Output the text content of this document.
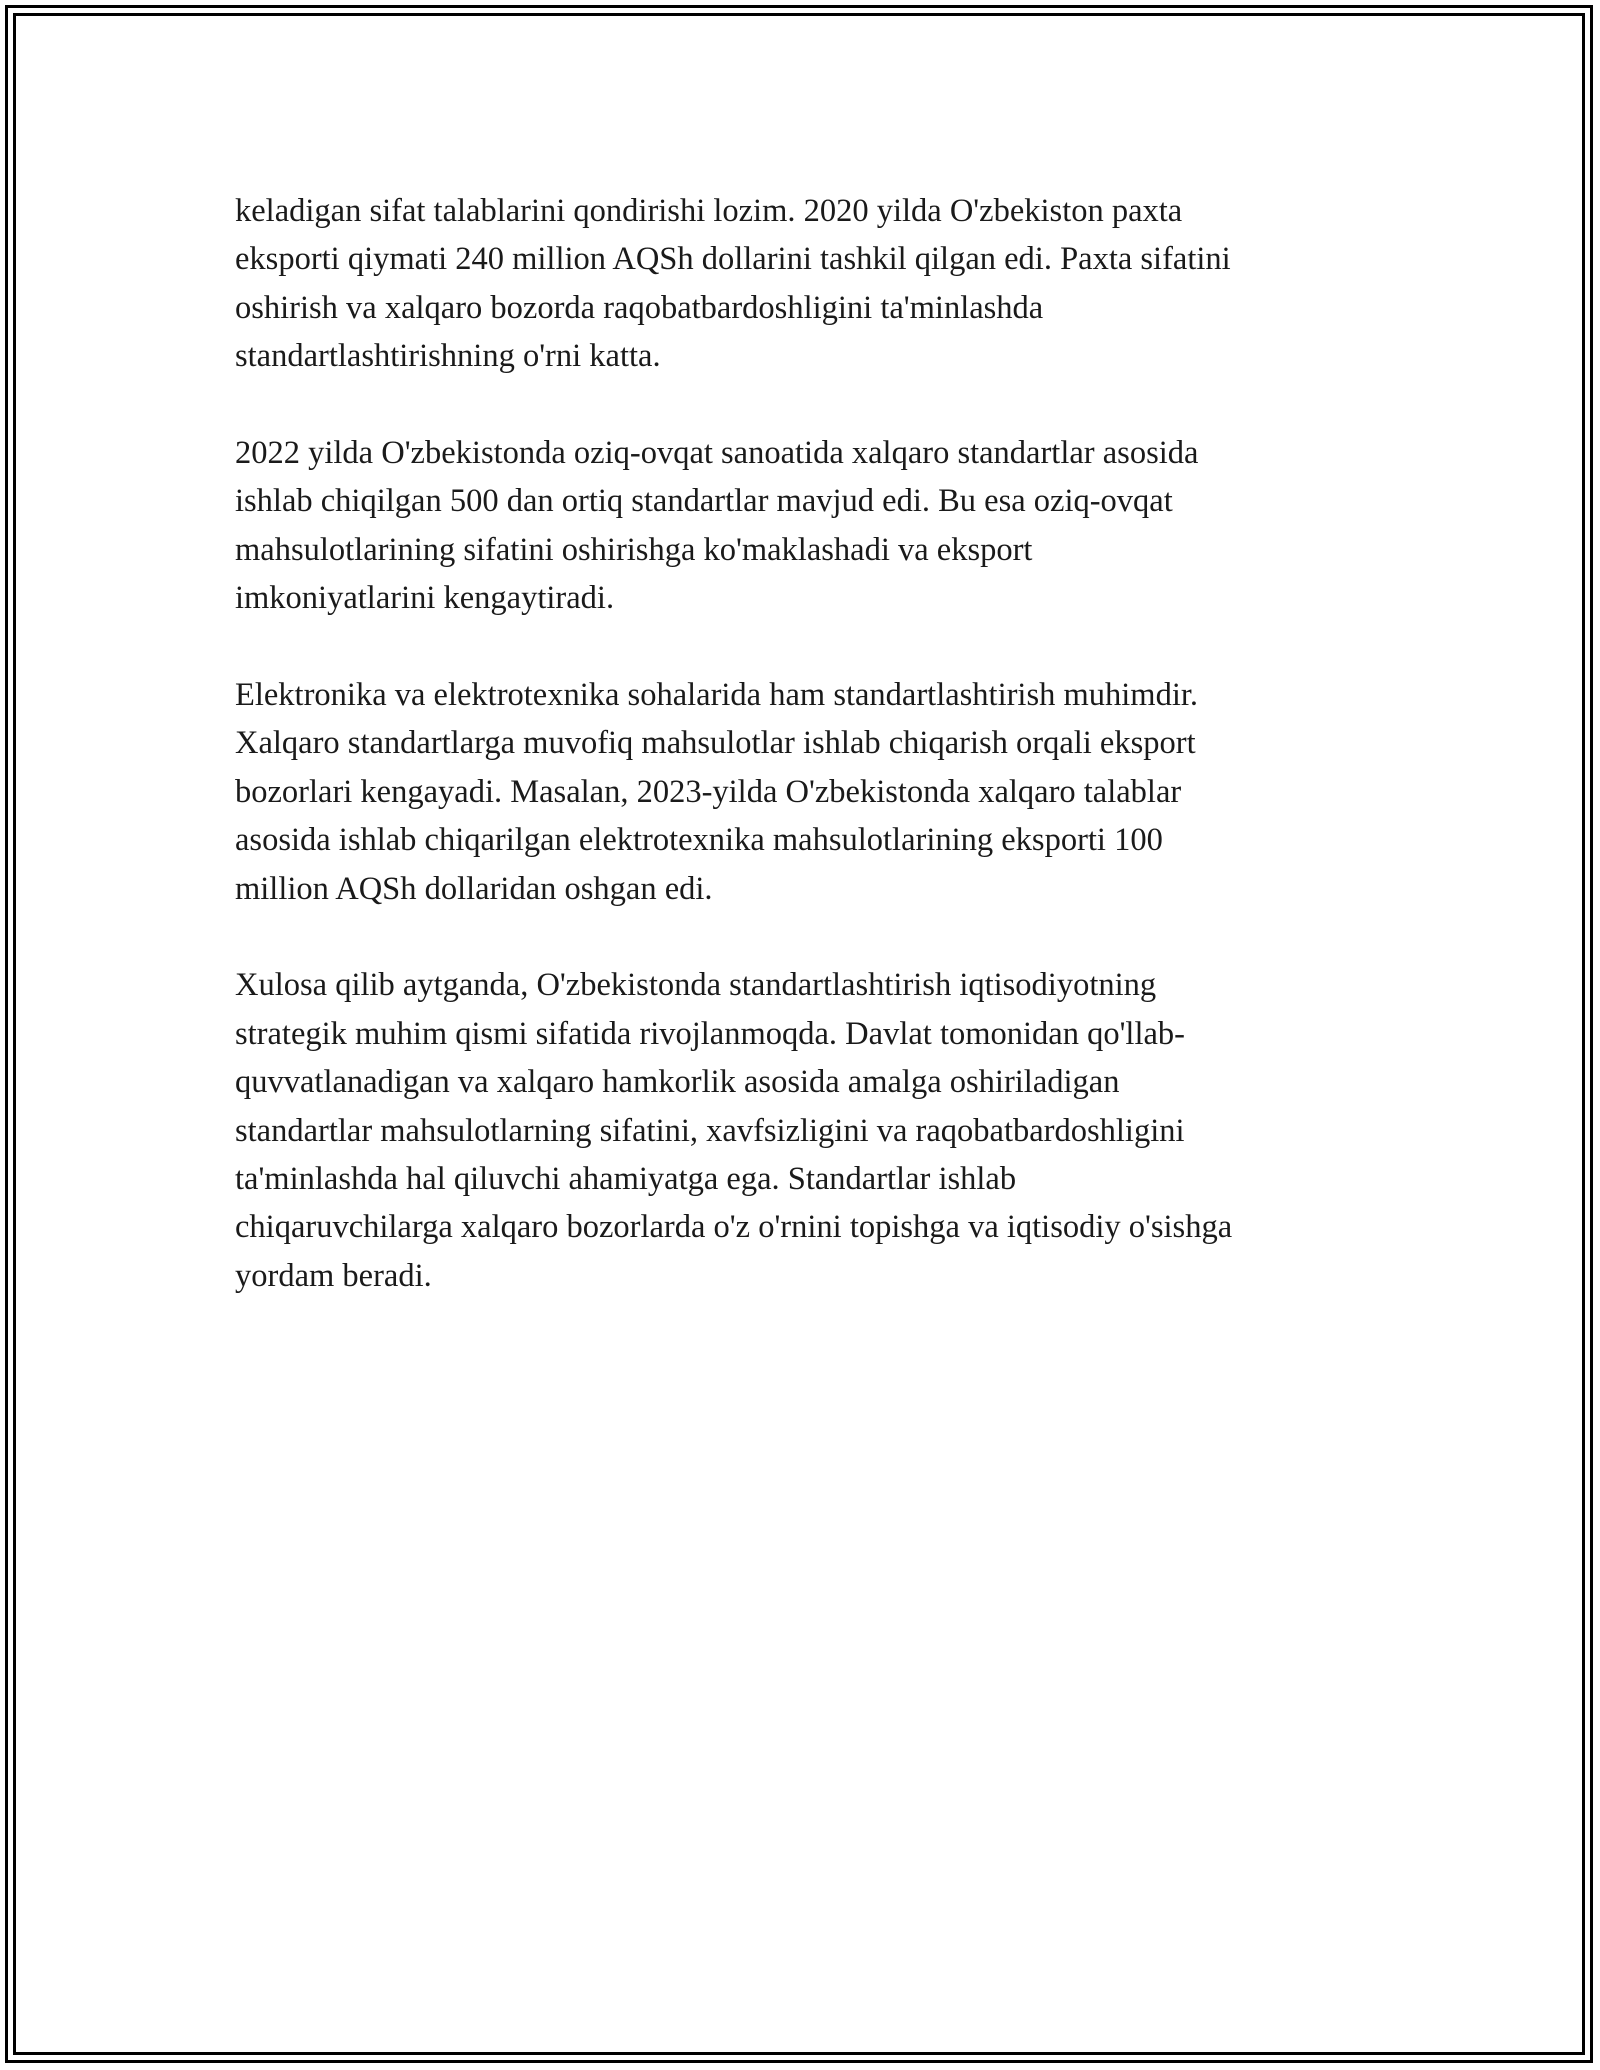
keladigan sifat talablarini qondirishi lozim. 2020 yilda O'zbekiston paxta
eksporti qiymati 240 million AQSh dollarini tashkil qilgan edi. Paxta sifatini
oshirish va xalqaro bozorda raqobatbardoshligini ta'minlashda
standartlashtirishning o'rni katta.

2022 yilda O'zbekistonda oziq-ovqat sanoatida xalqaro standartlar asosida
ishlab chiqilgan 500 dan ortiq standartlar mavjud edi. Bu esa oziq-ovqat
mahsulotlarining sifatini oshirishga ko'maklashadi va eksport
imkoniyatlarini kengaytiradi.

Elektronika va elektrotexnika sohalarida ham standartlashtirish muhimdir.
Xalqaro standartlarga muvofiq mahsulotlar ishlab chiqarish orqali eksport
bozorlari kengayadi. Masalan, 2023-yilda O'zbekistonda xalqaro talablar
asosida ishlab chiqarilgan elektrotexnika mahsulotlarining eksporti 100
million AQSh dollaridan oshgan edi.

Xulosa qilib aytganda, O'zbekistonda standartlashtirish iqtisodiyotning
strategik muhim qismi sifatida rivojlanmoqda. Davlat tomonidan qo'llab-
quvvatlanadigan va xalqaro hamkorlik asosida amalga oshiriladigan
standartlar mahsulotlarning sifatini, xavfsizligini va raqobatbardoshligini
ta'minlashda hal qiluvchi ahamiyatga ega. Standartlar ishlab
chiqaruvchilarga xalqaro bozorlarda o'z o'rnini topishga va iqtisodiy o'sishga
yordam beradi.
